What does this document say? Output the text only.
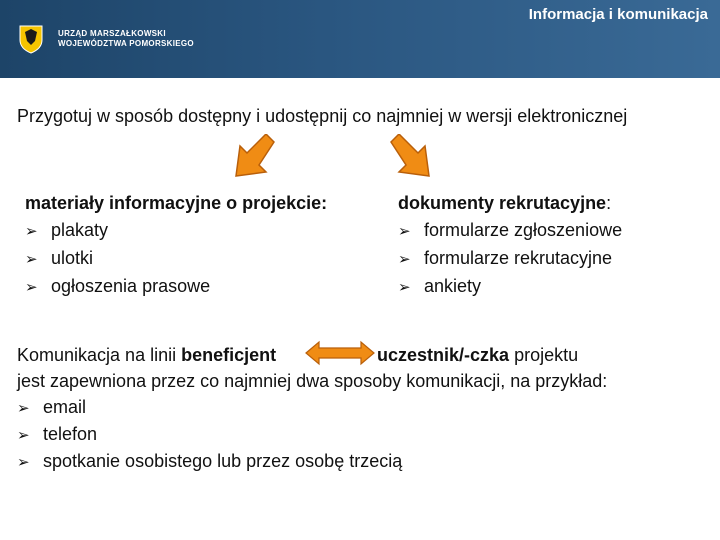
URZĄD MARSZAŁKOWSKI
WOJEWÓDZTWA POMORSKIEGO
Informacja i komunikacja
Przygotuj w sposób dostępny i udostępnij co najmniej w wersji elektronicznej
materiały informacyjne o projekcie:
➢ plakaty
➢ ulotki
➢ ogłoszenia prasowe
dokumenty rekrutacyjne:
➢ formularze zgłoszeniowe
➢ formularze rekrutacyjne
➢ ankiety
Komunikacja na linii beneficjent	uczestnik/-czka projektu
jest zapewniona przez co najmniej dwa sposoby komunikacji, na przykład:
➢ email
➢ telefon
➢ spotkanie osobistego lub przez osobę trzecią
